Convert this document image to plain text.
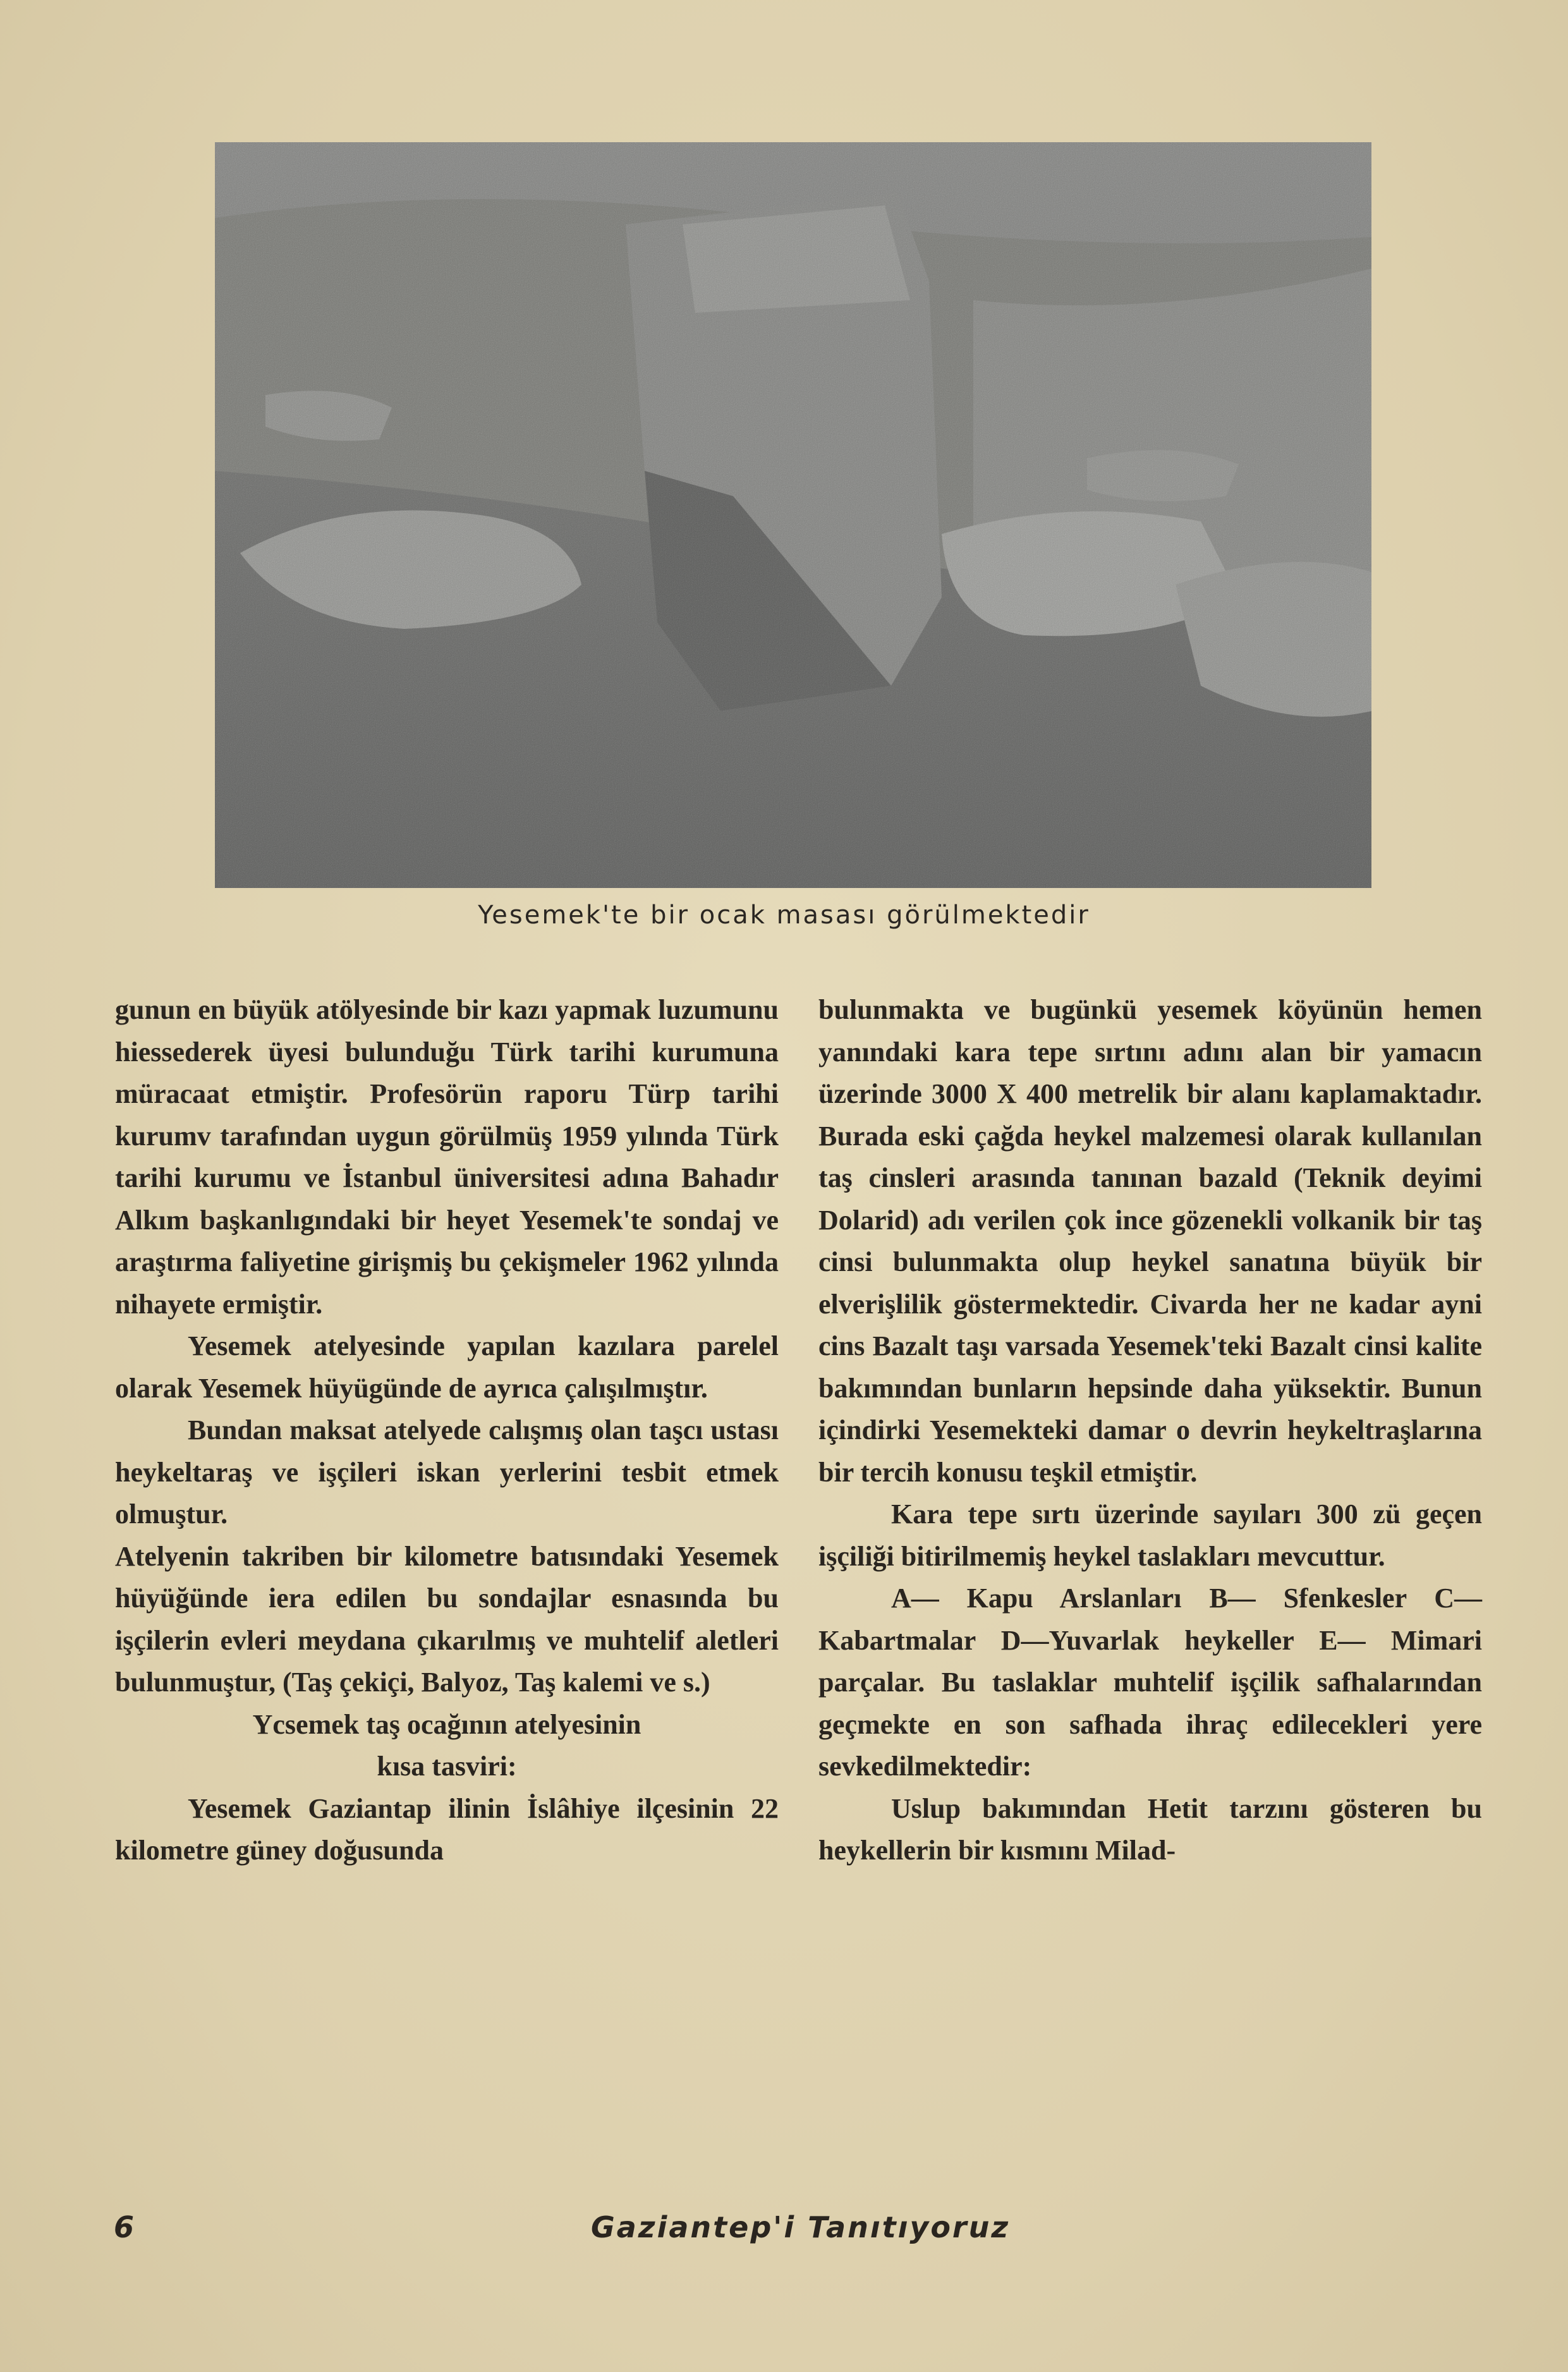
Yesemek'te bir ocak masası görülmektedir

gunun en büyük atölyesinde bir kazı yapmak luzumunu hiessederek üyesi bulunduğu Türk tarihi kurumuna müracaat etmiştir. Profesörün raporu Türp tarihi kurumv tarafından uygun görülmüş 1959 yılında Türk tarihi kurumu ve İstanbul üniversitesi adına Bahadır Alkım başkanlıgındaki bir heyet Yesemek'te sondaj ve araştırma faliyetine girişmiş bu çekişmeler 1962 yılında nihayete ermiştir.

Yesemek atelyesinde yapılan kazılara parelel olarak Yesemek hüyügünde de ayrıca çalışılmıştır.

Bundan maksat atelyede calışmış olan taşcı ustası heykeltaraş ve işçileri iskan yerlerini tesbit etmek olmuştur.

Atelyenin takriben bir kilometre batısındaki Yesemek hüyüğünde iera edilen bu sondajlar esnasında bu işçilerin evleri meydana çıkarılmış ve muhtelif aletleri bulunmuştur, (Taş çekiçi, Balyoz, Taş kalemi ve s.)

Ycsemek taş ocağının atelyesinin

kısa tasviri:

Yesemek Gaziantap ilinin İslâhiye ilçesinin 22 kilometre güney doğusunda

bulunmakta ve bugünkü yesemek köyünün hemen yanındaki kara tepe sırtını adını alan bir yamacın üzerinde 3000 X 400 metrelik bir alanı kaplamaktadır. Burada eski çağda heykel malzemesi olarak kullanılan taş cinsleri arasında tanınan bazald (Teknik deyimi Dolarid) adı verilen çok ince gözenekli volkanik bir taş cinsi bulunmakta olup heykel sanatına büyük bir elverişlilik göstermektedir. Civarda her ne kadar ayni cins Bazalt taşı varsada Yesemek'teki Bazalt cinsi kalite bakımından bunların hepsinde daha yüksektir. Bunun içindirki Yesemekteki damar o devrin heykeltraşlarına bir tercih konusu teşkil etmiştir.

Kara tepe sırtı üzerinde sayıları 300 zü geçen işçiliği bitirilmemiş heykel taslakları mevcuttur.

A— Kapu Arslanları B— Sfenkesler C—Kabartmalar D—Yuvarlak heykeller E— Mimari parçalar. Bu taslaklar muhtelif işçilik safhalarından geçmekte en son safhada ihraç edilecekleri yere sevkedilmektedir:

Uslup bakımından Hetit tarzını gösteren bu heykellerin bir kısmını Milad-

6	Gaziantep'i Tanıtıyoruz
